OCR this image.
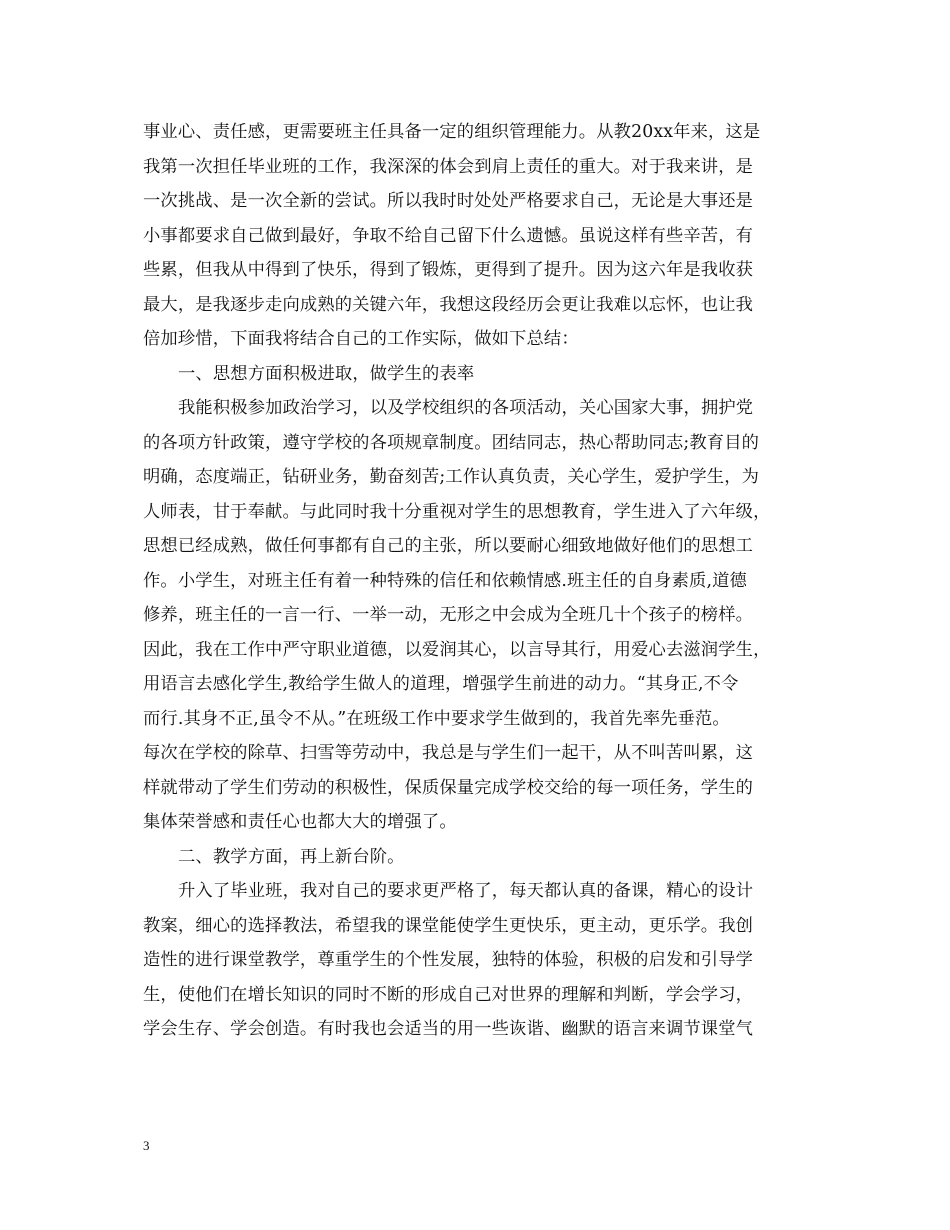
事业心、责任感，更需要班主任具备一定的组织管理能力。从教20xx年来，这是
我第一次担任毕业班的工作，我深深的体会到肩上责任的重大。对于我来讲，是
一次挑战、是一次全新的尝试。所以我时时处处严格要求自己，无论是大事还是
小事都要求自己做到最好，争取不给自己留下什么遗憾。虽说这样有些辛苦，有
些累，但我从中得到了快乐，得到了锻炼，更得到了提升。因为这六年是我收获
最大，是我逐步走向成熟的关键六年，我想这段经历会更让我难以忘怀，也让我
倍加珍惜，下面我将结合自己的工作实际，做如下总结：
一、思想方面积极进取，做学生的表率
我能积极参加政治学习，以及学校组织的各项活动，关心国家大事，拥护党
的各项方针政策，遵守学校的各项规章制度。团结同志，热心帮助同志;教育目的
明确，态度端正，钻研业务，勤奋刻苦;工作认真负责，关心学生，爱护学生，为
人师表，甘于奉献。与此同时我十分重视对学生的思想教育，学生进入了六年级，
思想已经成熟，做任何事都有自己的主张，所以要耐心细致地做好他们的思想工
作。小学生，对班主任有着一种特殊的信任和依赖情感.班主任的自身素质,道德
修养，班主任的一言一行、一举一动，无形之中会成为全班几十个孩子的榜样。
因此，我在工作中严守职业道德，以爱润其心，以言导其行，用爱心去滋润学生，
用语言去感化学生,教给学生做人的道理，增强学生前进的动力。“其身正,不令
而行.其身不正,虽令不从。”在班级工作中要求学生做到的，我首先率先垂范。
每次在学校的除草、扫雪等劳动中，我总是与学生们一起干，从不叫苦叫累，这
样就带动了学生们劳动的积极性，保质保量完成学校交给的每一项任务，学生的
集体荣誉感和责任心也都大大的增强了。
二、教学方面，再上新台阶。
升入了毕业班，我对自己的要求更严格了，每天都认真的备课，精心的设计
教案，细心的选择教法，希望我的课堂能使学生更快乐，更主动，更乐学。我创
造性的进行课堂教学，尊重学生的个性发展，独特的体验，积极的启发和引导学
生，使他们在增长知识的同时不断的形成自己对世界的理解和判断，学会学习，
学会生存、学会创造。有时我也会适当的用一些诙谐、幽默的语言来调节课堂气
3
